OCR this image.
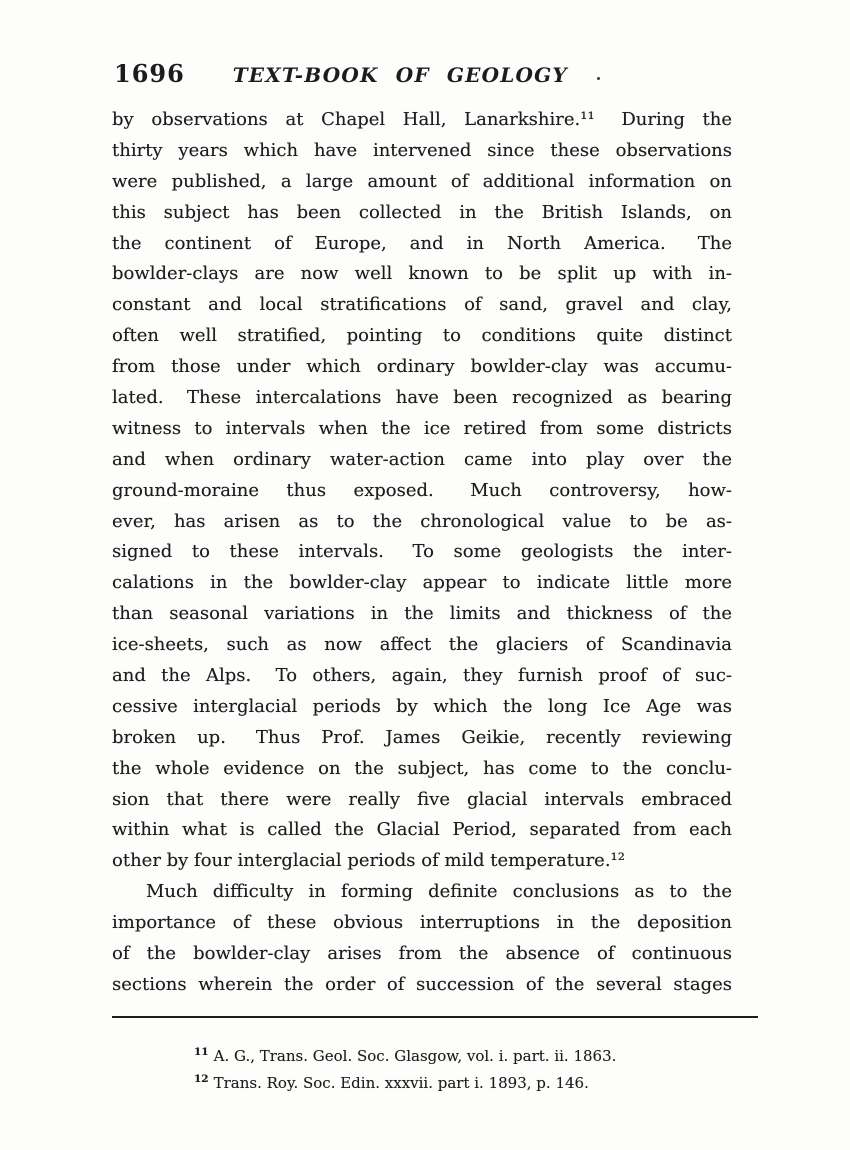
1696 TEXT-BOOK OF GEOLOGY
by observations at Chapel Hall, Lanarkshire.¹¹  During the
thirty years which have intervened since these observations
were published, a large amount of additional information on
this subject has been collected in the British Islands, on
the continent of Europe, and in North America.  The
bowlder-clays are now well known to be split up with in-
constant and local stratifications of sand, gravel and clay,
often well stratified, pointing to conditions quite distinct
from those under which ordinary bowlder-clay was accumu-
lated.  These intercalations have been recognized as bearing
witness to intervals when the ice retired from some districts
and when ordinary water-action came into play over the
ground-moraine thus exposed.  Much controversy, how-
ever, has arisen as to the chronological value to be as-
signed to these intervals.  To some geologists the inter-
calations in the bowlder-clay appear to indicate little more
than seasonal variations in the limits and thickness of the
ice-sheets, such as now affect the glaciers of Scandinavia
and the Alps.  To others, again, they furnish proof of suc-
cessive interglacial periods by which the long Ice Age was
broken up.  Thus Prof. James Geikie, recently reviewing
the whole evidence on the subject, has come to the conclu-
sion that there were really five glacial intervals embraced
within what is called the Glacial Period, separated from each
other by four interglacial periods of mild temperature.¹²
Much difficulty in forming definite conclusions as to the
importance of these obvious interruptions in the deposition
of the bowlder-clay arises from the absence of continuous
sections wherein the order of succession of the several stages
$^{11}$ A. G., Trans. Geol. Soc. Glasgow, vol. i. part. ii. 1863.
$^{12}$ Trans. Roy. Soc. Edin. xxxvii. part i. 1893, p. 146.
